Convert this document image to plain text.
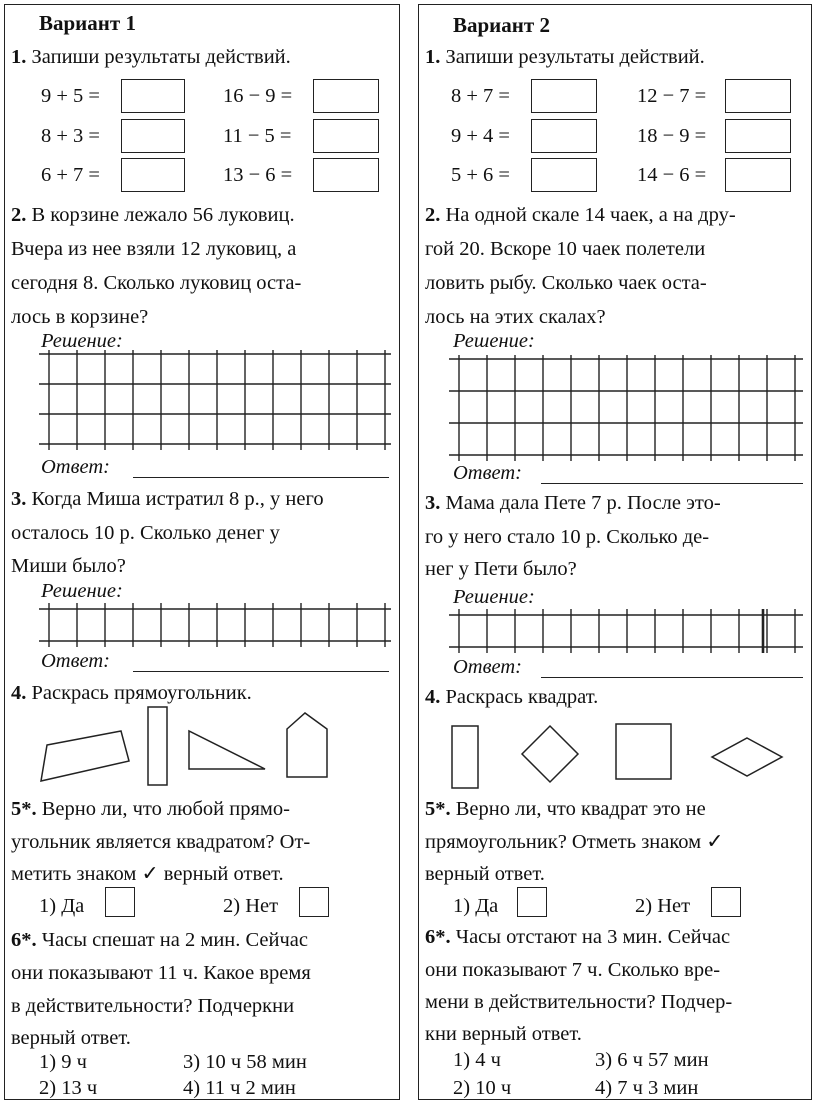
Вариант 1
1. Запиши результаты действий.
9 + 5 =	16 − 9 =
8 + 3 =	11 − 5 =
6 + 7 =	13 − 6 =
2. В корзине лежало 56 луковиц.
Вчера из нее взяли 12 луковиц, а
сегодня 8. Сколько луковиц оста-
лось в корзине?
Решение:
Ответ:
3. Когда Миша истратил 8 р., у него
осталось 10 р. Сколько денег у
Миши было?
Решение:
Ответ:
4. Раскрась прямоугольник.
5*. Верно ли, что любой прямо-
угольник является квадратом? От-
метить знаком ✓ верный ответ.
1) Да	2) Нет
6*. Часы спешат на 2 мин. Сейчас
они показывают 11 ч. Какое время
в действительности? Подчеркни
верный ответ.
1) 9 ч	3) 10 ч 58 мин
2) 13 ч	4) 11 ч 2 мин
Вариант 2
1. Запиши результаты действий.
8 + 7 =	12 − 7 =
9 + 4 =	18 − 9 =
5 + 6 =	14 − 6 =
2. На одной скале 14 чаек, а на дру-
гой 20. Вскоре 10 чаек полетели
ловить рыбу. Сколько чаек оста-
лось на этих скалах?
Решение:
Ответ:
3. Мама дала Пете 7 р. После это-
го у него стало 10 р. Сколько де-
нег у Пети было?
Решение:
Ответ:
4. Раскрась квадрат.
5*. Верно ли, что квадрат это не
прямоугольник? Отметь знаком ✓
верный ответ.
1) Да	2) Нет
6*. Часы отстают на 3 мин. Сейчас
они показывают 7 ч. Сколько вре-
мени в действительности? Подчер-
кни верный ответ.
1) 4 ч	3) 6 ч 57 мин
2) 10 ч	4) 7 ч 3 мин
